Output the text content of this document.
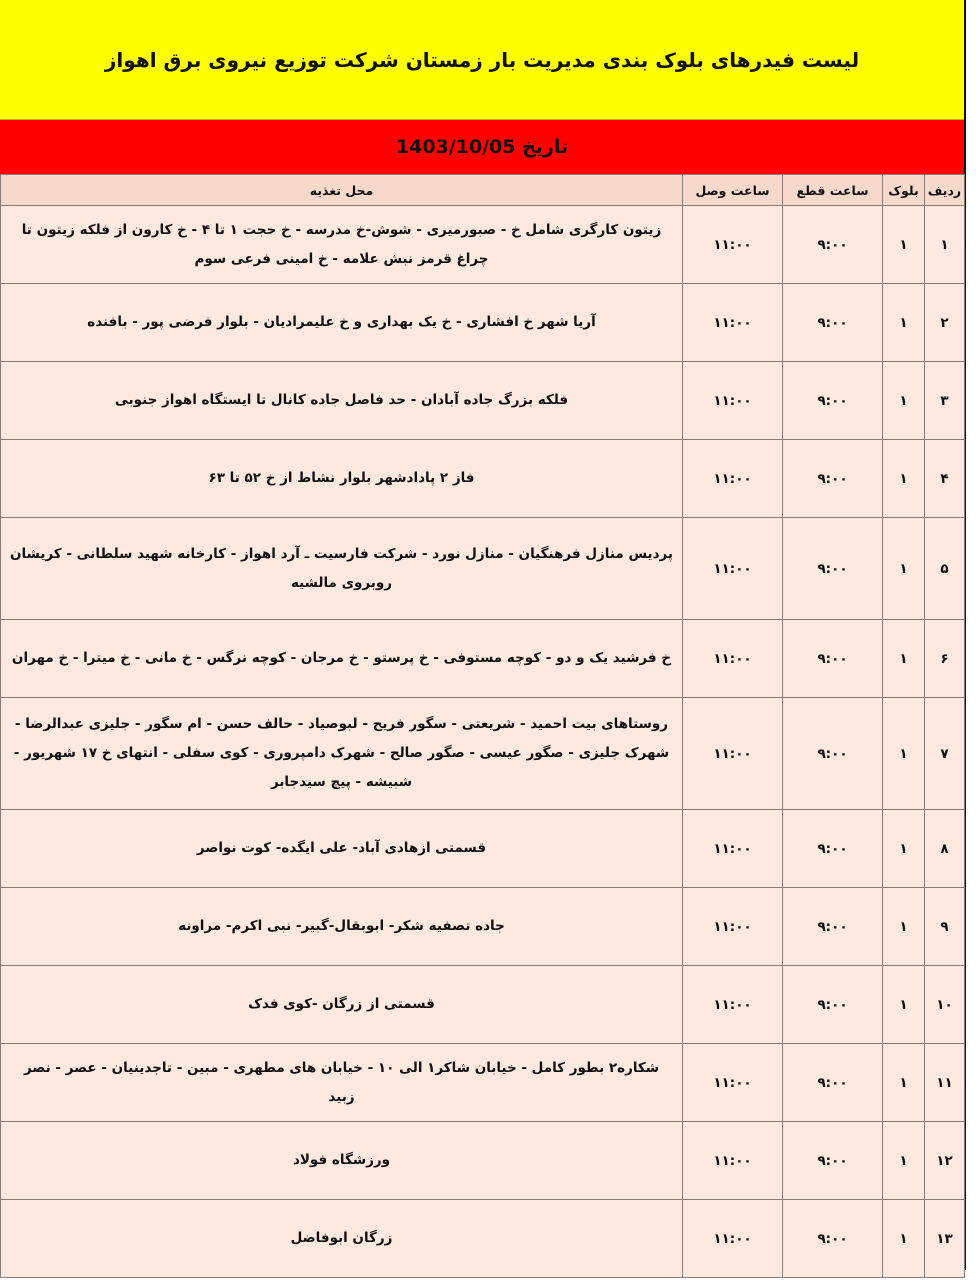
لیست فیدرهای بلوک بندی مدیریت بار زمستان شرکت توزیع نیروی برق اهواز
تاریخ 1403/10/05
ردیف	بلوک	ساعت قطع	ساعت وصل	محل تغذیه
۱	۱	۹:۰۰	۱۱:۰۰	زیتون کارگری شامل خ - صبورمیری - شوش-خ مدرسه - خ حجت ۱ تا ۴ - خ کارون از فلکه زیتون تا چراغ قرمز نبش علامه - خ امینی فرعی سوم
۲	۱	۹:۰۰	۱۱:۰۰	آریا شهر خ افشاری - خ یک بهداری و خ علیمرادیان - بلوار فرضی پور - بافنده
۳	۱	۹:۰۰	۱۱:۰۰	فلکه بزرگ جاده آبادان - حد فاصل جاده کانال تا ایستگاه اهواز جنوبی
۴	۱	۹:۰۰	۱۱:۰۰	فاز ۲ پادادشهر بلوار نشاط از خ ۵۲ تا ۶۳
۵	۱	۹:۰۰	۱۱:۰۰	پردیس منازل فرهنگیان - منازل نورد - شرکت فارسیت ـ آرد اهواز - کارخانه شهید سلطانی - کریشان روبروی مالشیه
۶	۱	۹:۰۰	۱۱:۰۰	خ فرشید یک و دو - کوچه مستوفی - خ پرستو - خ مرجان - کوچه نرگس - خ مانی - خ میترا - خ مهران
۷	۱	۹:۰۰	۱۱:۰۰	روستاهای بیت احمید - شریعتی - سگور فریح - لبوصیاد - حالف حسن - ام سگور - جلیزی عبدالرضا - شهرک جلیزی - صگور عیسی - صگور صالح - شهرک دامپروری - کوی سفلی - انتهای خ ۱۷ شهریور - شبیشه - پیچ سیدجابر
۸	۱	۹:۰۰	۱۱:۰۰	قسمتی ازهادی آباد- علی ایگده- کوت نواصر
۹	۱	۹:۰۰	۱۱:۰۰	جاده تصفیه شکر- ابوبقال-گبیر- نبی اکرم- مراونه
۱۰	۱	۹:۰۰	۱۱:۰۰	قسمتی از زرگان -کوی فدک
۱۱	۱	۹:۰۰	۱۱:۰۰	شکاره۲ بطور کامل - خیابان شاکر۱ الی ۱۰ - خیابان های مطهری - مبین - تاجدینیان - عصر - نصر زبید
۱۲	۱	۹:۰۰	۱۱:۰۰	ورزشگاه فولاد
۱۳	۱	۹:۰۰	۱۱:۰۰	زرگان ابوفاضل
